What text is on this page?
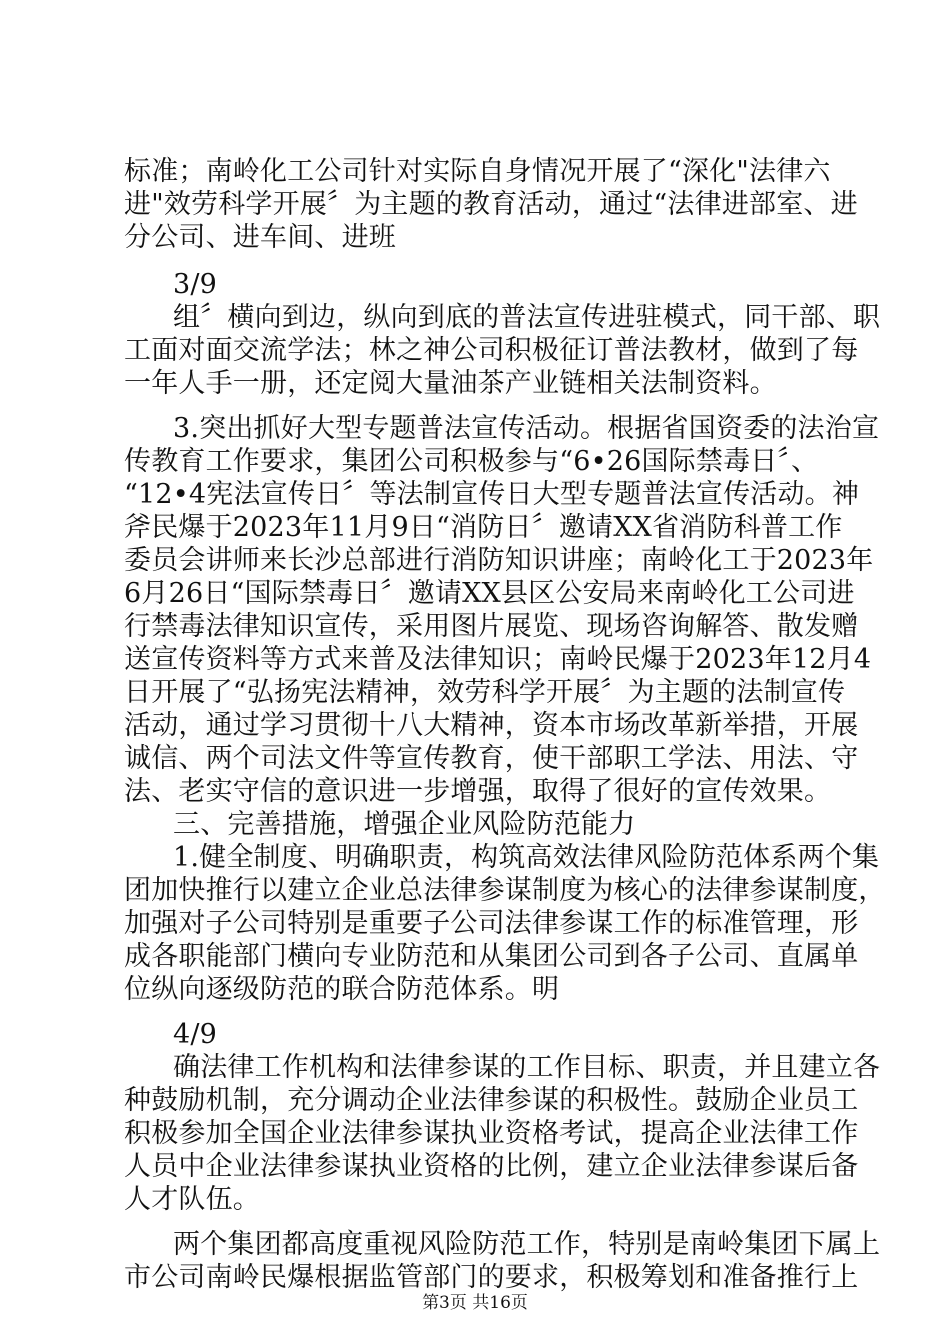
标准；南岭化工公司针对实际自身情况开展了“深化"法律六
进"效劳科学开展〞为主题的教育活动，通过“法律进部室、进
分公司、进车间、进班
3/9
组〞横向到边，纵向到底的普法宣传进驻模式，同干部、职
工面对面交流学法；林之神公司积极征订普法教材，做到了每
一年人手一册，还定阅大量油茶产业链相关法制资料。
3.突出抓好大型专题普法宣传活动。根据省国资委的法治宣
传教育工作要求，集团公司积极参与“6•26国际禁毒日〞、
“12•4宪法宣传日〞等法制宣传日大型专题普法宣传活动。神
斧民爆于2023年11月9日“消防日〞邀请XX省消防科普工作
委员会讲师来长沙总部进行消防知识讲座；南岭化工于2023年
6月26日“国际禁毒日〞邀请XX县区公安局来南岭化工公司进
行禁毒法律知识宣传，采用图片展览、现场咨询解答、散发赠
送宣传资料等方式来普及法律知识；南岭民爆于2023年12月4
日开展了“弘扬宪法精神，效劳科学开展〞为主题的法制宣传
活动，通过学习贯彻十八大精神，资本市场改革新举措，开展
诚信、两个司法文件等宣传教育，使干部职工学法、用法、守
法、老实守信的意识进一步增强，取得了很好的宣传效果。
三、完善措施，增强企业风险防范能力
1.健全制度、明确职责，构筑高效法律风险防范体系两个集
团加快推行以建立企业总法律参谋制度为核心的法律参谋制度，
加强对子公司特别是重要子公司法律参谋工作的标准管理，形
成各职能部门横向专业防范和从集团公司到各子公司、直属单
位纵向逐级防范的联合防范体系。明
4/9
确法律工作机构和法律参谋的工作目标、职责，并且建立各
种鼓励机制，充分调动企业法律参谋的积极性。鼓励企业员工
积极参加全国企业法律参谋执业资格考试，提高企业法律工作
人员中企业法律参谋执业资格的比例，建立企业法律参谋后备
人才队伍。
两个集团都高度重视风险防范工作，特别是南岭集团下属上
市公司南岭民爆根据监管部门的要求，积极筹划和准备推行上
第3页 共16页
